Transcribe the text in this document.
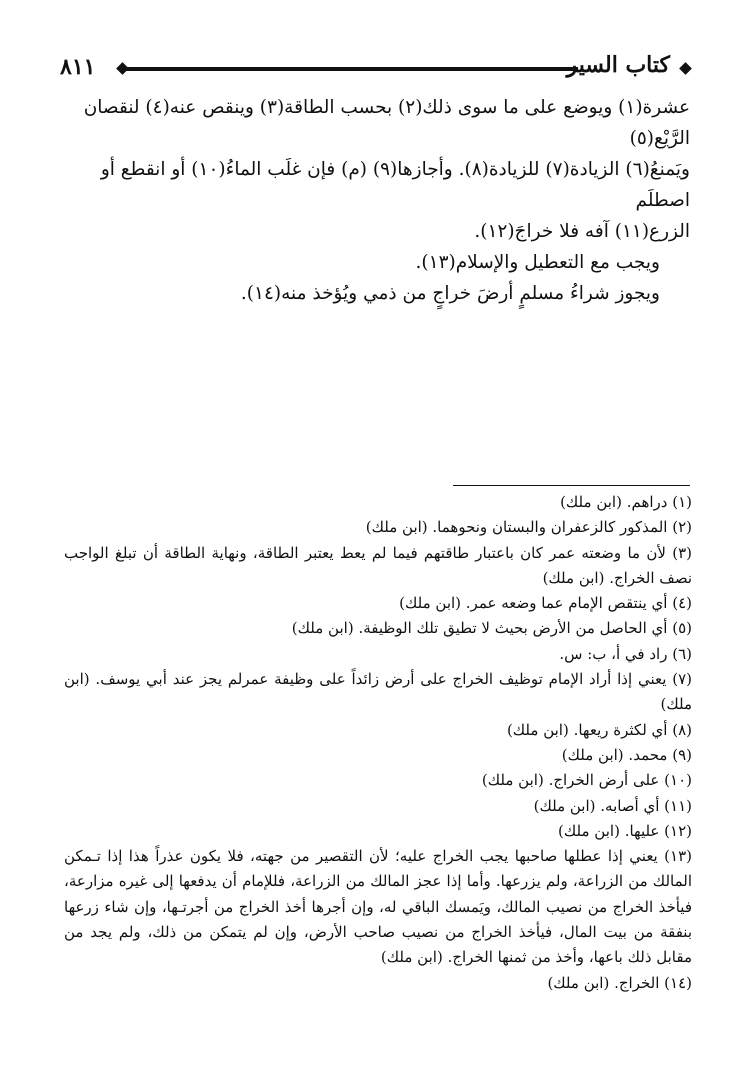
٨١١	كتاب السير

عشرة(١) ويوضع على ما سوى ذلك(٢) بحسب الطاقة(٣) وينقص عنه(٤) لنقصان الرَّيْع(٥)

ويَمنعُ(٦) الزيادة(٧) للزيادة(٨). وأجازها(٩) (م) فإن غلَب الماءُ(١٠) أو انقطع أو اصطلَم

الزرع(١١) آفه فلا خراجَ(١٢).

ويجب مع التعطيل والإسلام(١٣).

ويجوز شراءُ مسلمٍ أرضَ خراجٍ من ذمي ويُؤخذ منه(١٤).

(١) دراهم. (ابن ملك)

(٢) المذكور كالزعفران والبستان ونحوهما. (ابن ملك)

(٣) لأن ما وضعته عمر كان باعتبار طاقتهم فيما لم يعط يعتبر الطاقة، ونهاية الطاقة أن تبلغ الواجب نصف الخراج. (ابن ملك)

(٤) أي ينتقص الإمام عما وضعه عمر. (ابن ملك)

(٥) أي الحاصل من الأرض بحيث لا تطيق تلك الوظيفة. (ابن ملك)

(٦) راد في أ، ب: س.

(٧) يعني إذا أراد الإمام توظيف الخراج على أرض زائداً على وظيفة عمرلم يجز عند أبي يوسف. (ابن ملك)

(٨) أي لكثرة ريعها. (ابن ملك)

(٩) محمد. (ابن ملك)

(١٠) على أرض الخراج. (ابن ملك)

(١١) أي أصابه. (ابن ملك)

(١٢) عليها. (ابن ملك)

(١٣) يعني إذا عطلها صاحبها يجب الخراج عليه؛ لأن التقصير من جهته، فلا يكون عذراً هذا إذا تـمكن المالك من الزراعة، ولم يزرعها. وأما إذا عجز المالك من الزراعة، فللإمام أن يدفعها إلى غيره مزارعة، فيأخذ الخراج من نصيب المالك، ويَمسك الباقي له، وإن أجرها أخذ الخراج من أجرتـها، وإن شاء زرعها بنفقة من بيت المال، فيأخذ الخراج من نصيب صاحب الأرض، وإن لم يتمكن من ذلك، ولم يجد من مقابل ذلك باعها، وأخذ من ثمنها الخراج. (ابن ملك)

(١٤) الخراج. (ابن ملك)
